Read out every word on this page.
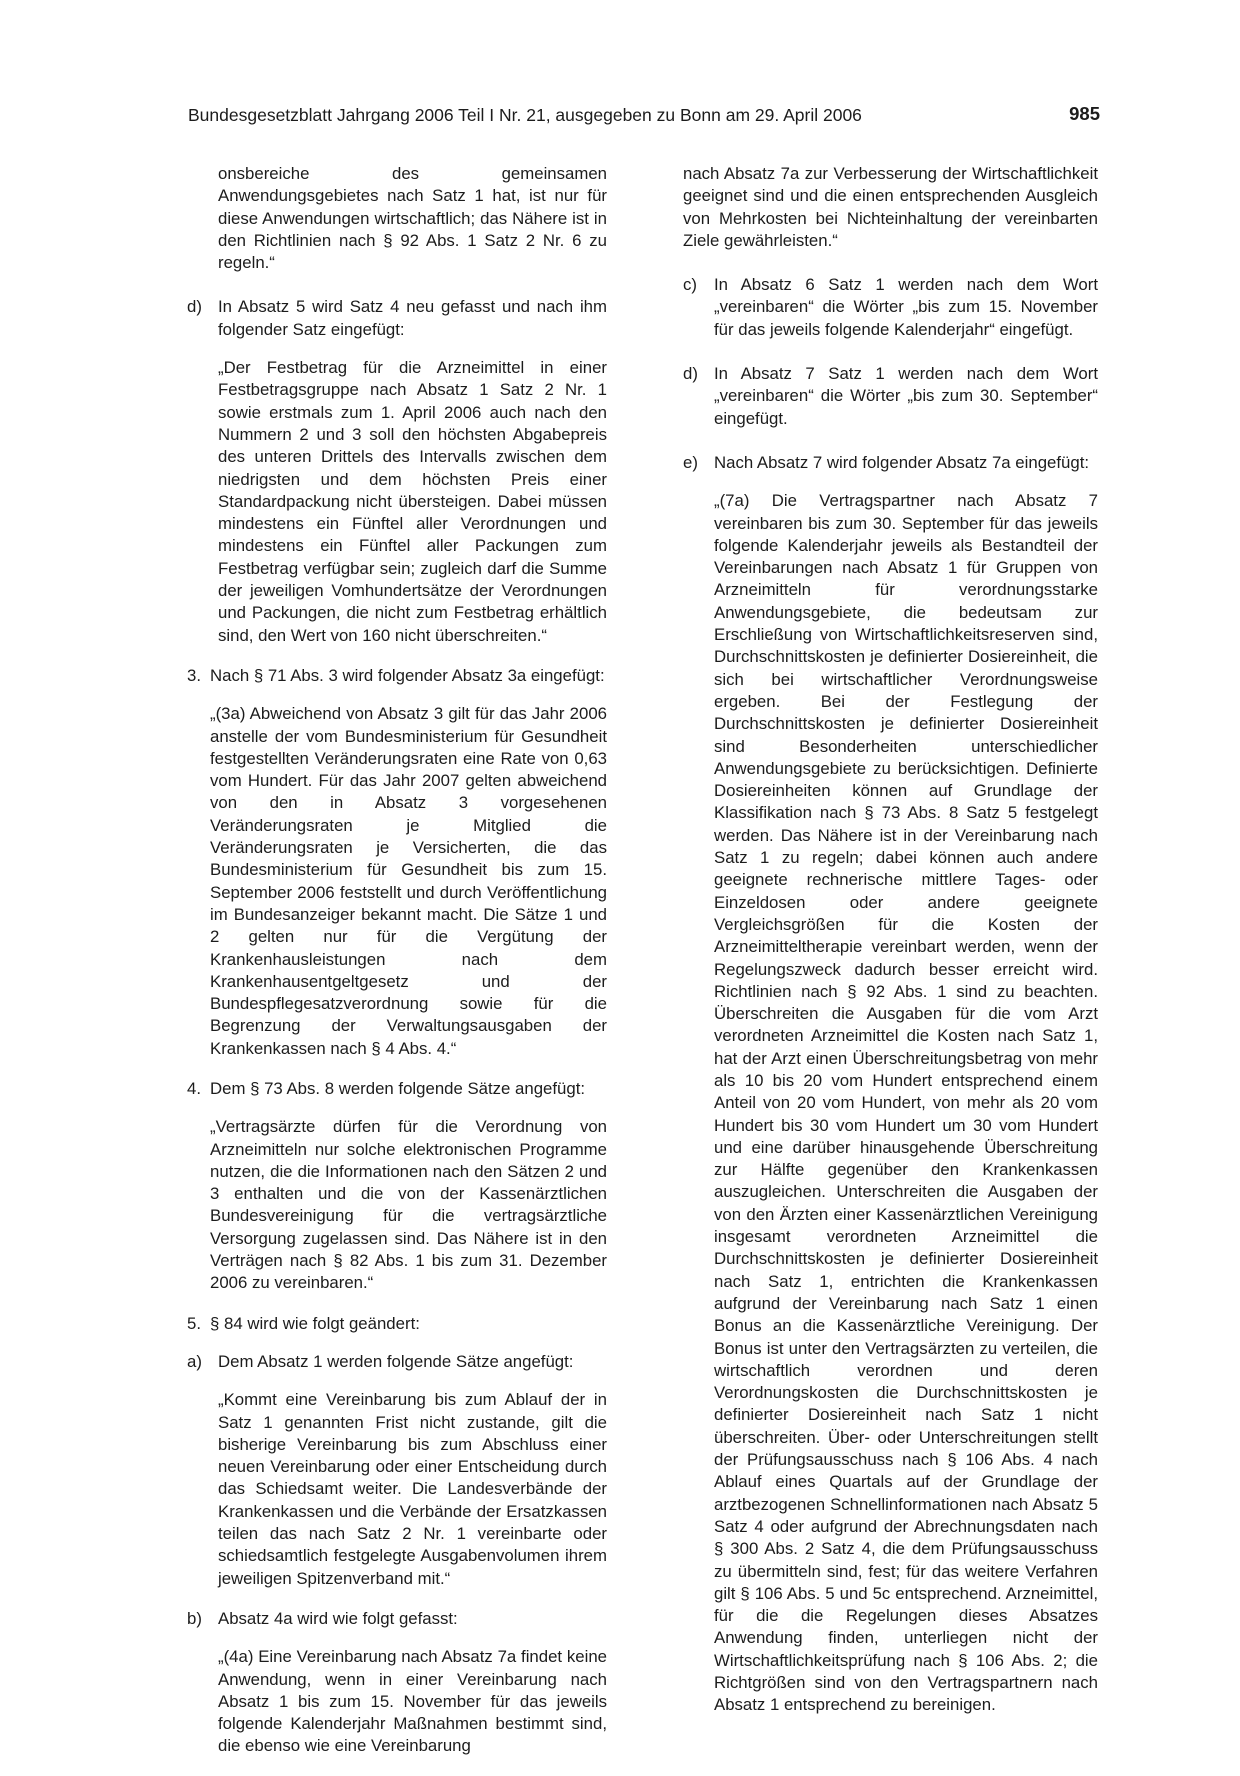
Bundesgesetzblatt Jahrgang 2006 Teil I Nr. 21, ausgegeben zu Bonn am 29. April 2006	985
onsbereiche des gemeinsamen Anwendungsgebietes nach Satz 1 hat, ist nur für diese Anwendungen wirtschaftlich; das Nähere ist in den Richtlinien nach § 92 Abs. 1 Satz 2 Nr. 6 zu regeln.“
d) In Absatz 5 wird Satz 4 neu gefasst und nach ihm folgender Satz eingefügt:
„Der Festbetrag für die Arzneimittel in einer Festbetragsgruppe nach Absatz 1 Satz 2 Nr. 1 sowie erstmals zum 1. April 2006 auch nach den Nummern 2 und 3 soll den höchsten Abgabepreis des unteren Drittels des Intervalls zwischen dem niedrigsten und dem höchsten Preis einer Standardpackung nicht übersteigen. Dabei müssen mindestens ein Fünftel aller Verordnungen und mindestens ein Fünftel aller Packungen zum Festbetrag verfügbar sein; zugleich darf die Summe der jeweiligen Vomhundertsätze der Verordnungen und Packungen, die nicht zum Festbetrag erhältlich sind, den Wert von 160 nicht überschreiten.“
3. Nach § 71 Abs. 3 wird folgender Absatz 3a eingefügt:
„(3a) Abweichend von Absatz 3 gilt für das Jahr 2006 anstelle der vom Bundesministerium für Gesundheit festgestellten Veränderungsraten eine Rate von 0,63 vom Hundert. Für das Jahr 2007 gelten abweichend von den in Absatz 3 vorgesehenen Veränderungsraten je Mitglied die Veränderungsraten je Versicherten, die das Bundesministerium für Gesundheit bis zum 15. September 2006 feststellt und durch Veröffentlichung im Bundesanzeiger bekannt macht. Die Sätze 1 und 2 gelten nur für die Vergütung der Krankenhausleistungen nach dem Krankenhausentgeltgesetz und der Bundespflegesatzverordnung sowie für die Begrenzung der Verwaltungsausgaben der Krankenkassen nach § 4 Abs. 4.“
4. Dem § 73 Abs. 8 werden folgende Sätze angefügt:
„Vertragsärzte dürfen für die Verordnung von Arzneimitteln nur solche elektronischen Programme nutzen, die die Informationen nach den Sätzen 2 und 3 enthalten und die von der Kassenärztlichen Bundesvereinigung für die vertragsärztliche Versorgung zugelassen sind. Das Nähere ist in den Verträgen nach § 82 Abs. 1 bis zum 31. Dezember 2006 zu vereinbaren.“
5. § 84 wird wie folgt geändert:
a) Dem Absatz 1 werden folgende Sätze angefügt:
„Kommt eine Vereinbarung bis zum Ablauf der in Satz 1 genannten Frist nicht zustande, gilt die bisherige Vereinbarung bis zum Abschluss einer neuen Vereinbarung oder einer Entscheidung durch das Schiedsamt weiter. Die Landesverbände der Krankenkassen und die Verbände der Ersatzkassen teilen das nach Satz 2 Nr. 1 vereinbarte oder schiedsamtlich festgelegte Ausgabenvolumen ihrem jeweiligen Spitzenverband mit.“
b) Absatz 4a wird wie folgt gefasst:
„(4a) Eine Vereinbarung nach Absatz 7a findet keine Anwendung, wenn in einer Vereinbarung nach Absatz 1 bis zum 15. November für das jeweils folgende Kalenderjahr Maßnahmen bestimmt sind, die ebenso wie eine Vereinbarung
nach Absatz 7a zur Verbesserung der Wirtschaftlichkeit geeignet sind und die einen entsprechenden Ausgleich von Mehrkosten bei Nichteinhaltung der vereinbarten Ziele gewährleisten.“
c) In Absatz 6 Satz 1 werden nach dem Wort „vereinbaren“ die Wörter „bis zum 15. November für das jeweils folgende Kalenderjahr“ eingefügt.
d) In Absatz 7 Satz 1 werden nach dem Wort „vereinbaren“ die Wörter „bis zum 30. September“ eingefügt.
e) Nach Absatz 7 wird folgender Absatz 7a eingefügt:
„(7a) Die Vertragspartner nach Absatz 7 vereinbaren bis zum 30. September für das jeweils folgende Kalenderjahr jeweils als Bestandteil der Vereinbarungen nach Absatz 1 für Gruppen von Arzneimitteln für verordnungsstarke Anwendungsgebiete, die bedeutsam zur Erschließung von Wirtschaftlichkeitsreserven sind, Durchschnittskosten je definierter Dosiereinheit, die sich bei wirtschaftlicher Verordnungsweise ergeben. Bei der Festlegung der Durchschnittskosten je definierter Dosiereinheit sind Besonderheiten unterschiedlicher Anwendungsgebiete zu berücksichtigen. Definierte Dosiereinheiten können auf Grundlage der Klassifikation nach § 73 Abs. 8 Satz 5 festgelegt werden. Das Nähere ist in der Vereinbarung nach Satz 1 zu regeln; dabei können auch andere geeignete rechnerische mittlere Tages- oder Einzeldosen oder andere geeignete Vergleichsgrößen für die Kosten der Arzneimitteltherapie vereinbart werden, wenn der Regelungszweck dadurch besser erreicht wird. Richtlinien nach § 92 Abs. 1 sind zu beachten. Überschreiten die Ausgaben für die vom Arzt verordneten Arzneimittel die Kosten nach Satz 1, hat der Arzt einen Überschreitungsbetrag von mehr als 10 bis 20 vom Hundert entsprechend einem Anteil von 20 vom Hundert, von mehr als 20 vom Hundert bis 30 vom Hundert um 30 vom Hundert und eine darüber hinausgehende Überschreitung zur Hälfte gegenüber den Krankenkassen auszugleichen. Unterschreiten die Ausgaben der von den Ärzten einer Kassenärztlichen Vereinigung insgesamt verordneten Arzneimittel die Durchschnittskosten je definierter Dosiereinheit nach Satz 1, entrichten die Krankenkassen aufgrund der Vereinbarung nach Satz 1 einen Bonus an die Kassenärztliche Vereinigung. Der Bonus ist unter den Vertragsärzten zu verteilen, die wirtschaftlich verordnen und deren Verordnungskosten die Durchschnittskosten je definierter Dosiereinheit nach Satz 1 nicht überschreiten. Über- oder Unterschreitungen stellt der Prüfungsausschuss nach § 106 Abs. 4 nach Ablauf eines Quartals auf der Grundlage der arztbezogenen Schnellinformationen nach Absatz 5 Satz 4 oder aufgrund der Abrechnungsdaten nach § 300 Abs. 2 Satz 4, die dem Prüfungsausschuss zu übermitteln sind, fest; für das weitere Verfahren gilt § 106 Abs. 5 und 5c entsprechend. Arzneimittel, für die die Regelungen dieses Absatzes Anwendung finden, unterliegen nicht der Wirtschaftlichkeitsprüfung nach § 106 Abs. 2; die Richtgrößen sind von den Vertragspartnern nach Absatz 1 entsprechend zu bereinigen.
